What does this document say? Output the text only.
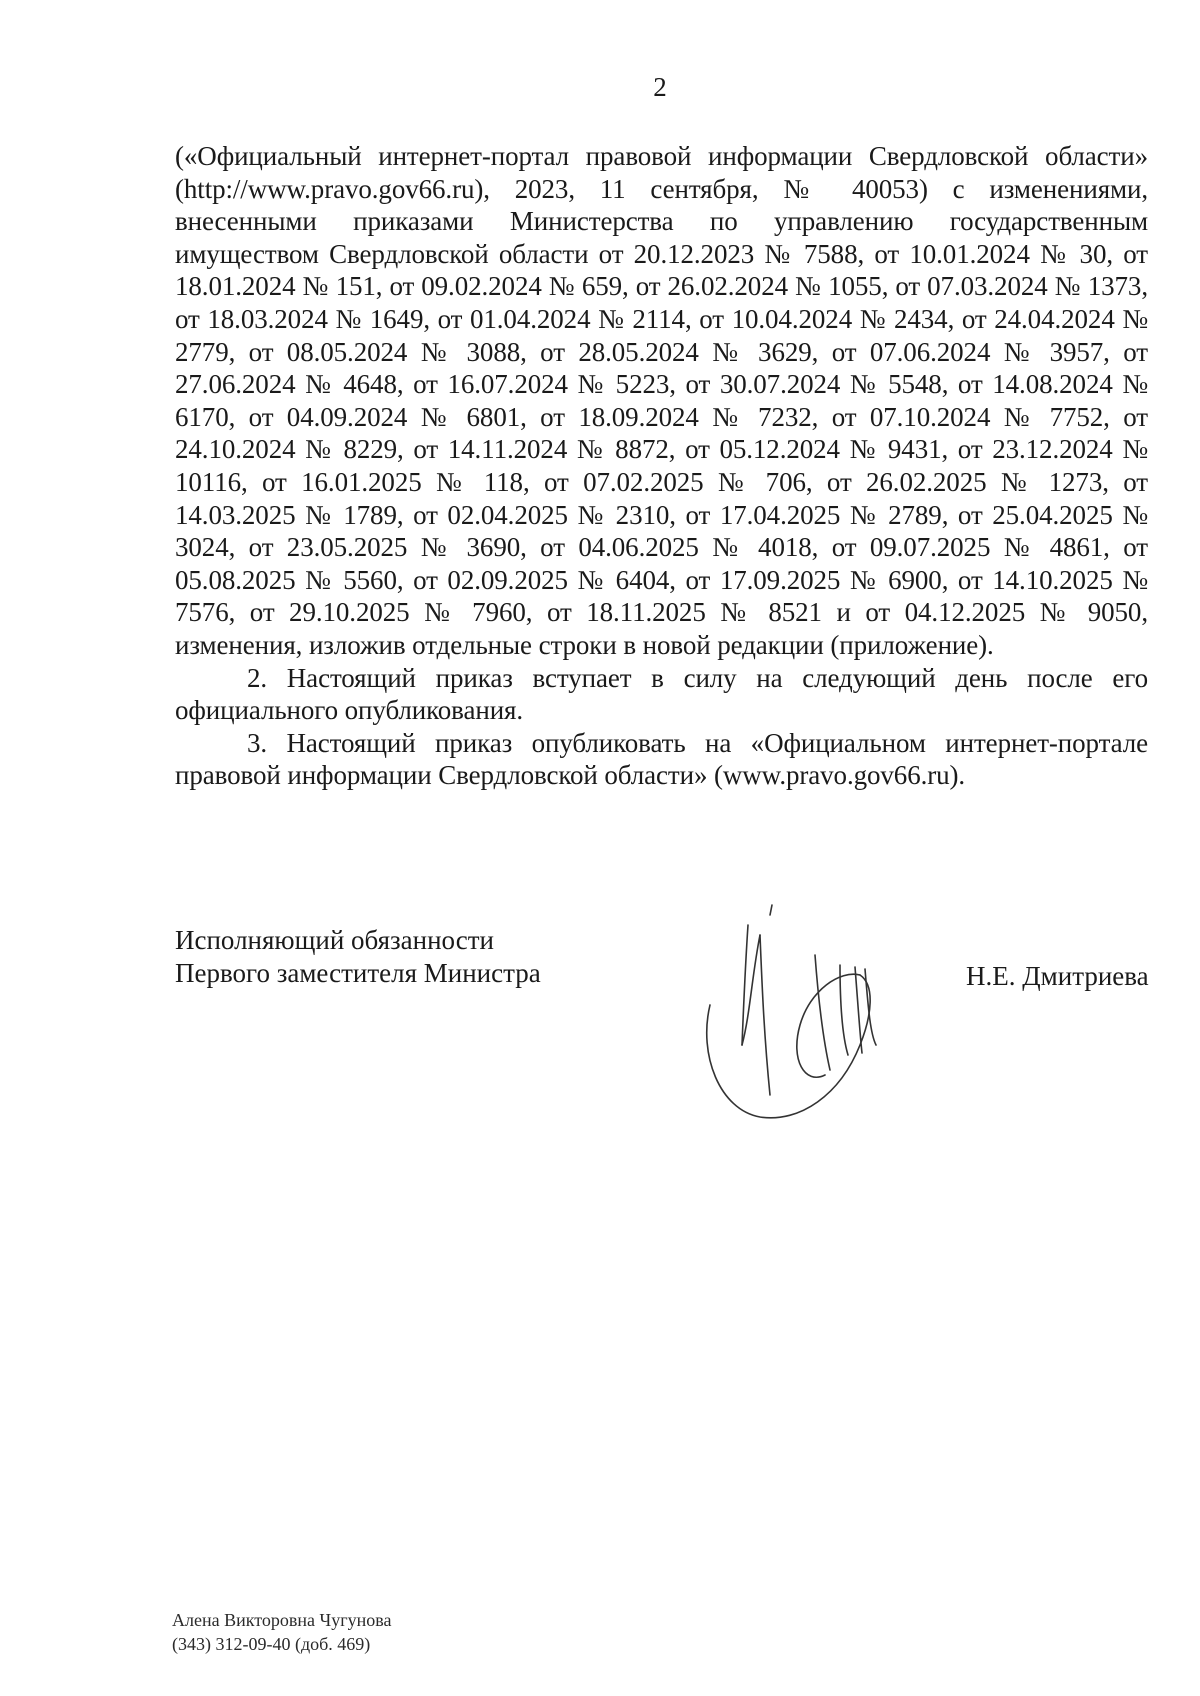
2

(«Официальный интернет-портал правовой информации Свердловской области» (http://www.pravo.gov66.ru), 2023, 11 сентября, № 40053) с изменениями, внесенными приказами Министерства по управлению государственным имуществом Свердловской области от 20.12.2023 № 7588, от 10.01.2024 № 30, от 18.01.2024 № 151, от 09.02.2024 № 659, от 26.02.2024 № 1055, от 07.03.2024 № 1373, от 18.03.2024 № 1649, от 01.04.2024 № 2114, от 10.04.2024 № 2434, от 24.04.2024 № 2779, от 08.05.2024 № 3088, от 28.05.2024 № 3629, от 07.06.2024 № 3957, от 27.06.2024 № 4648, от 16.07.2024 № 5223, от 30.07.2024 № 5548, от 14.08.2024 № 6170, от 04.09.2024 № 6801, от 18.09.2024 № 7232, от 07.10.2024 № 7752, от 24.10.2024 № 8229, от 14.11.2024 № 8872, от 05.12.2024 № 9431, от 23.12.2024 № 10116, от 16.01.2025 № 118, от 07.02.2025 № 706, от 26.02.2025 № 1273, от 14.03.2025 № 1789, от 02.04.2025 № 2310, от 17.04.2025 № 2789, от 25.04.2025 № 3024, от 23.05.2025 № 3690, от 04.06.2025 № 4018, от 09.07.2025 № 4861, от 05.08.2025 № 5560, от 02.09.2025 № 6404, от 17.09.2025 № 6900, от 14.10.2025 № 7576, от 29.10.2025 № 7960, от 18.11.2025 № 8521 и от 04.12.2025 № 9050, изменения, изложив отдельные строки в новой редакции (приложение).

2. Настоящий приказ вступает в силу на следующий день после его официального опубликования.

3. Настоящий приказ опубликовать на «Официальном интернет-портале правовой информации Свердловской области» (www.pravo.gov66.ru).

Исполняющий обязанности
Первого заместителя Министра	Н.Е. Дмитриева
Алена Викторовна Чугунова
(343) 312-09-40 (доб. 469)
